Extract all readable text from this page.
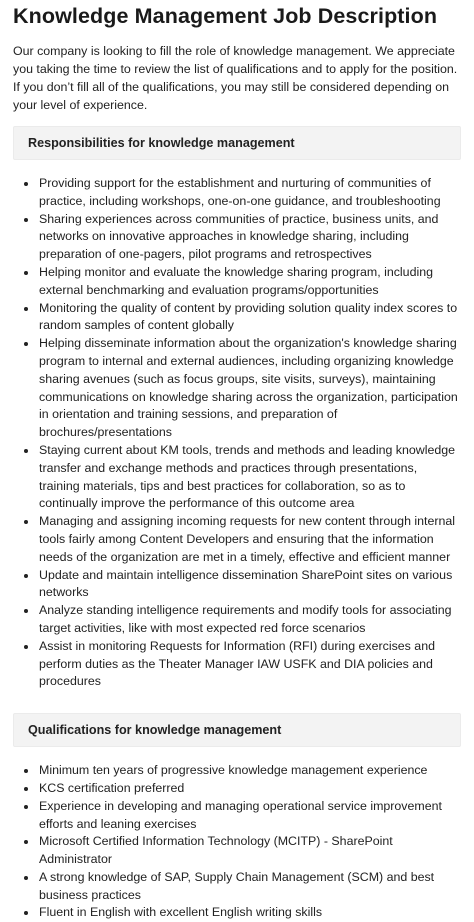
Knowledge Management Job Description

Our company is looking to fill the role of knowledge management. We appreciate you taking the time to review the list of qualifications and to apply for the position. If you don’t fill all of the qualifications, you may still be considered depending on your level of experience.

Responsibilities for knowledge management
Providing support for the establishment and nurturing of communities of practice, including workshops, one-on-one guidance, and troubleshooting
Sharing experiences across communities of practice, business units, and networks on innovative approaches in knowledge sharing, including preparation of one-pagers, pilot programs and retrospectives
Helping monitor and evaluate the knowledge sharing program, including external benchmarking and evaluation programs/opportunities
Monitoring the quality of content by providing solution quality index scores to random samples of content globally
Helping disseminate information about the organization's knowledge sharing program to internal and external audiences, including organizing knowledge sharing avenues (such as focus groups, site visits, surveys), maintaining communications on knowledge sharing across the organization, participation in orientation and training sessions, and preparation of brochures/presentations
Staying current about KM tools, trends and methods and leading knowledge transfer and exchange methods and practices through presentations, training materials, tips and best practices for collaboration, so as to continually improve the performance of this outcome area
Managing and assigning incoming requests for new content through internal tools fairly among Content Developers and ensuring that the information needs of the organization are met in a timely, effective and efficient manner
Update and maintain intelligence dissemination SharePoint sites on various networks
Analyze standing intelligence requirements and modify tools for associating target activities, like with most expected red force scenarios
Assist in monitoring Requests for Information (RFI) during exercises and perform duties as the Theater Manager IAW USFK and DIA policies and procedures
Qualifications for knowledge management
Minimum ten years of progressive knowledge management experience
KCS certification preferred
Experience in developing and managing operational service improvement efforts and leaning exercises
Microsoft Certified Information Technology (MCITP) - SharePoint Administrator
A strong knowledge of SAP, Supply Chain Management (SCM) and best business practices
Fluent in English with excellent English writing skills
